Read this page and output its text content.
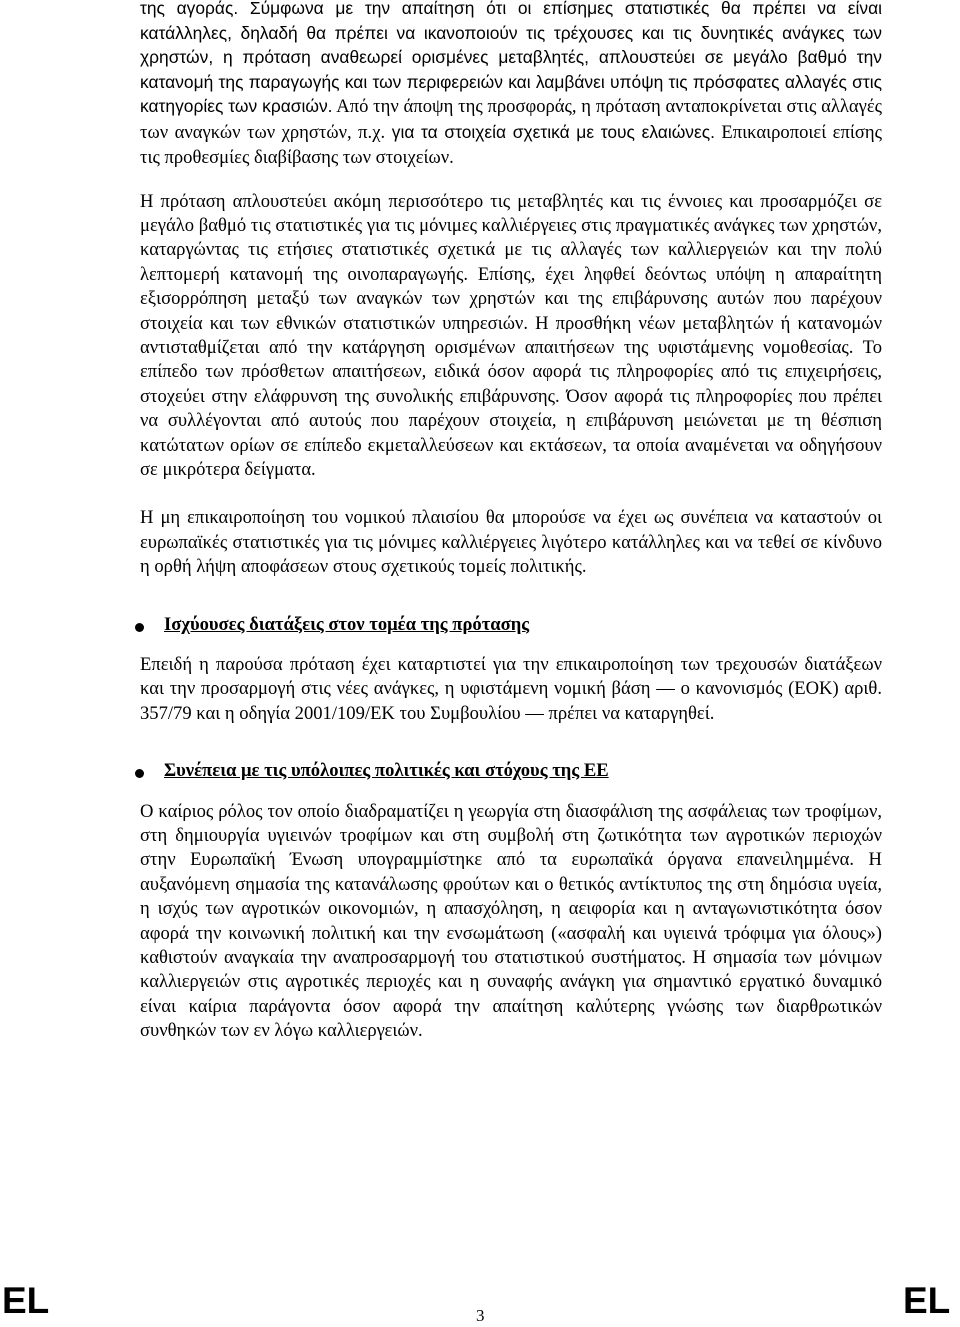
της αγοράς. Σύμφωνα με την απαίτηση ότι οι επίσημες στατιστικές θα πρέπει να είναι κατάλληλες, δηλαδή θα πρέπει να ικανοποιούν τις τρέχουσες και τις δυνητικές ανάγκες των χρηστών, η πρόταση αναθεωρεί ορισμένες μεταβλητές, απλουστεύει σε μεγάλο βαθμό την κατανομή της παραγωγής και των περιφερειών και λαμβάνει υπόψη τις πρόσφατες αλλαγές στις κατηγορίες των κρασιών. Από την άποψη της προσφοράς, η πρόταση ανταποκρίνεται στις αλλαγές των αναγκών των χρηστών, π.χ. για τα στοιχεία σχετικά με τους ελαιώνες. Επικαιροποιεί επίσης τις προθεσμίες διαβίβασης των στοιχείων.

Η πρόταση απλουστεύει ακόμη περισσότερο τις μεταβλητές και τις έννοιες και προσαρμόζει σε μεγάλο βαθμό τις στατιστικές για τις μόνιμες καλλιέργειες στις πραγματικές ανάγκες των χρηστών, καταργώντας τις ετήσιες στατιστικές σχετικά με τις αλλαγές των καλλιεργειών και την πολύ λεπτομερή κατανομή της οινοπαραγωγής. Επίσης, έχει ληφθεί δεόντως υπόψη η απαραίτητη εξισορρόπηση μεταξύ των αναγκών των χρηστών και της επιβάρυνσης αυτών που παρέχουν στοιχεία και των εθνικών στατιστικών υπηρεσιών. Η προσθήκη νέων μεταβλητών ή κατανομών αντισταθμίζεται από την κατάργηση ορισμένων απαιτήσεων της υφιστάμενης νομοθεσίας. Το επίπεδο των πρόσθετων απαιτήσεων, ειδικά όσον αφορά τις πληροφορίες από τις επιχειρήσεις, στοχεύει στην ελάφρυνση της συνολικής επιβάρυνσης. Όσον αφορά τις πληροφορίες που πρέπει να συλλέγονται από αυτούς που παρέχουν στοιχεία, η επιβάρυνση μειώνεται με τη θέσπιση κατώτατων ορίων σε επίπεδο εκμεταλλεύσεων και εκτάσεων, τα οποία αναμένεται να οδηγήσουν σε μικρότερα δείγματα.

Η μη επικαιροποίηση του νομικού πλαισίου θα μπορούσε να έχει ως συνέπεια να καταστούν οι ευρωπαϊκές στατιστικές για τις μόνιμες καλλιέργειες λιγότερο κατάλληλες και να τεθεί σε κίνδυνο η ορθή λήψη αποφάσεων στους σχετικούς τομείς πολιτικής.

Ισχύουσες διατάξεις στον τομέα της πρότασης

Επειδή η παρούσα πρόταση έχει καταρτιστεί για την επικαιροποίηση των τρεχουσών διατάξεων και την προσαρμογή στις νέες ανάγκες, η υφιστάμενη νομική βάση — ο κανονισμός (ΕΟΚ) αριθ. 357/79 και η οδηγία 2001/109/ΕΚ του Συμβουλίου — πρέπει να καταργηθεί.

Συνέπεια με τις υπόλοιπες πολιτικές και στόχους της ΕΕ

Ο καίριος ρόλος τον οποίο διαδραματίζει η γεωργία στη διασφάλιση της ασφάλειας των τροφίμων, στη δημιουργία υγιεινών τροφίμων και στη συμβολή στη ζωτικότητα των αγροτικών περιοχών στην Ευρωπαϊκή Ένωση υπογραμμίστηκε από τα ευρωπαϊκά όργανα επανειλημμένα. Η αυξανόμενη σημασία της κατανάλωσης φρούτων και ο θετικός αντίκτυπος της στη δημόσια υγεία, η ισχύς των αγροτικών οικονομιών, η απασχόληση, η αειφορία και η ανταγωνιστικότητα όσον αφορά την κοινωνική πολιτική και την ενσωμάτωση («ασφαλή και υγιεινά τρόφιμα για όλους») καθιστούν αναγκαία την αναπροσαρμογή του στατιστικού συστήματος. Η σημασία των μόνιμων καλλιεργειών στις αγροτικές περιοχές και η συναφής ανάγκη για σημαντικό εργατικό δυναμικό είναι καίρια παράγοντα όσον αφορά την απαίτηση καλύτερης γνώσης των διαρθρωτικών συνθηκών των εν λόγω καλλιεργειών.

EL	3	EL
